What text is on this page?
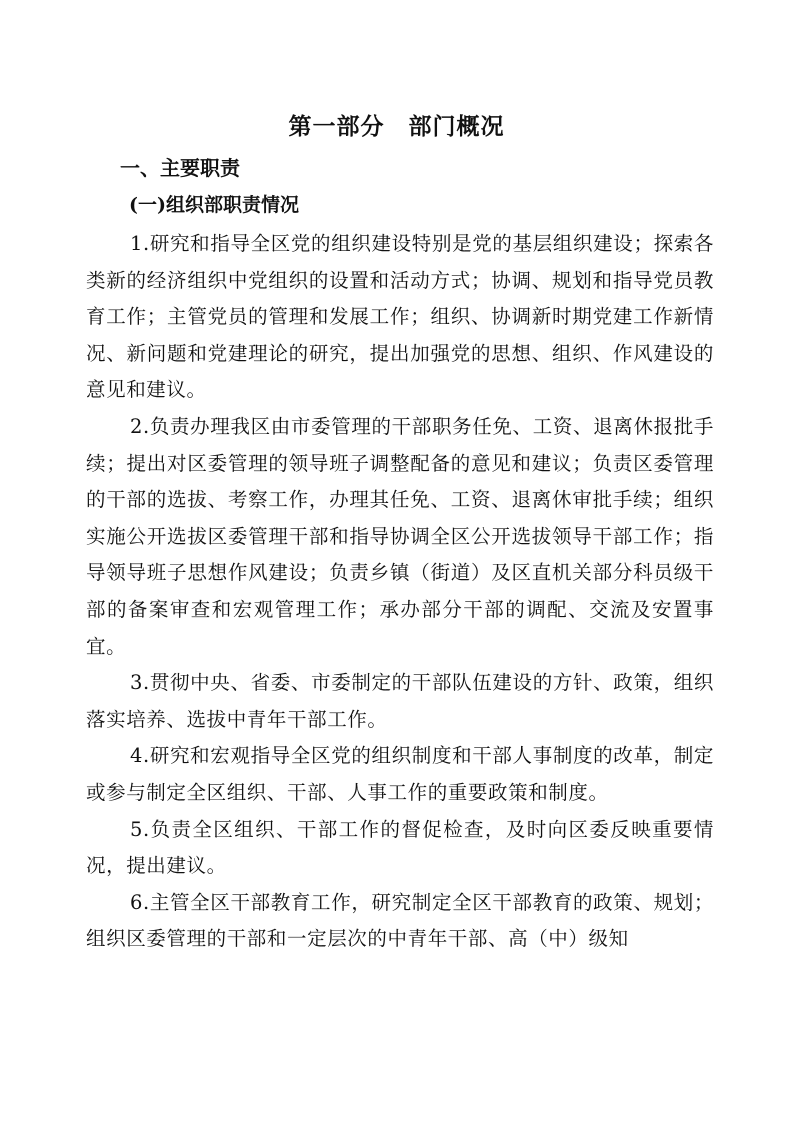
第一部分 部门概况
一、主要职责
(一)组织部职责情况

1.研究和指导全区党的组织建设特别是党的基层组织建设；探索各类新的经济组织中党组织的设置和活动方式；协调、规划和指导党员教育工作；主管党员的管理和发展工作；组织、协调新时期党建工作新情况、新问题和党建理论的研究，提出加强党的思想、组织、作风建设的意见和建议。

2.负责办理我区由市委管理的干部职务任免、工资、退离休报批手续；提出对区委管理的领导班子调整配备的意见和建议；负责区委管理的干部的选拔、考察工作，办理其任免、工资、退离休审批手续；组织实施公开选拔区委管理干部和指导协调全区公开选拔领导干部工作；指导领导班子思想作风建设；负责乡镇（街道）及区直机关部分科员级干部的备案审查和宏观管理工作；承办部分干部的调配、交流及安置事宜。

3.贯彻中央、省委、市委制定的干部队伍建设的方针、政策，组织落实培养、选拔中青年干部工作。

4.研究和宏观指导全区党的组织制度和干部人事制度的改革，制定或参与制定全区组织、干部、人事工作的重要政策和制度。

5.负责全区组织、干部工作的督促检查，及时向区委反映重要情况，提出建议。

6.主管全区干部教育工作，研究制定全区干部教育的政策、规划；组织区委管理的干部和一定层次的中青年干部、高（中）级知
